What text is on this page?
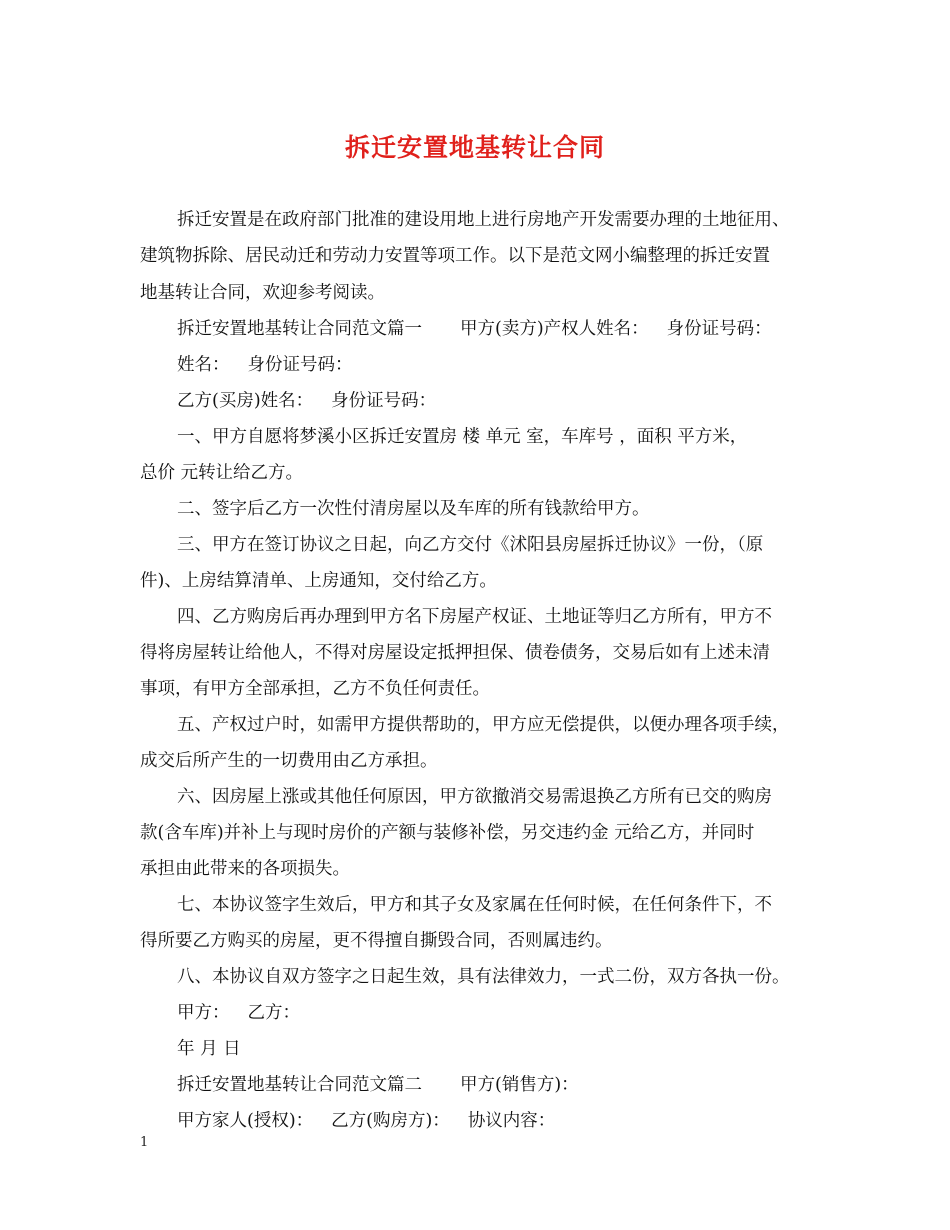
拆迁安置地基转让合同
拆迁安置是在政府部门批准的建设用地上进行房地产开发需要办理的土地征用、
建筑物拆除、居民动迁和劳动力安置等项工作。以下是范文网小编整理的拆迁安置
地基转让合同，欢迎参考阅读。
拆迁安置地基转让合同范文篇一 甲方(卖方)产权人姓名： 身份证号码：
姓名： 身份证号码：
乙方(买房)姓名： 身份证号码：
一、甲方自愿将梦溪小区拆迁安置房 楼 单元 室，车库号 ，面积 平方米，
总价 元转让给乙方。
二、签字后乙方一次性付清房屋以及车库的所有钱款给甲方。
三、甲方在签订协议之日起，向乙方交付《沭阳县房屋拆迁协议》一份，（原
件)、上房结算清单、上房通知，交付给乙方。
四、乙方购房后再办理到甲方名下房屋产权证、土地证等归乙方所有，甲方不
得将房屋转让给他人，不得对房屋设定抵押担保、债卷债务，交易后如有上述未清
事项，有甲方全部承担，乙方不负任何责任。
五、产权过户时，如需甲方提供帮助的，甲方应无偿提供，以便办理各项手续，
成交后所产生的一切费用由乙方承担。
六、因房屋上涨或其他任何原因，甲方欲撤消交易需退换乙方所有已交的购房
款(含车库)并补上与现时房价的产额与装修补偿，另交违约金 元给乙方，并同时
承担由此带来的各项损失。
七、本协议签字生效后，甲方和其子女及家属在任何时候，在任何条件下，不
得所要乙方购买的房屋，更不得擅自撕毁合同，否则属违约。
八、本协议自双方签字之日起生效，具有法律效力，一式二份，双方各执一份。
甲方： 乙方：
年 月 日
拆迁安置地基转让合同范文篇二 甲方(销售方)：
甲方家人(授权)： 乙方(购房方)： 协议内容：
1
